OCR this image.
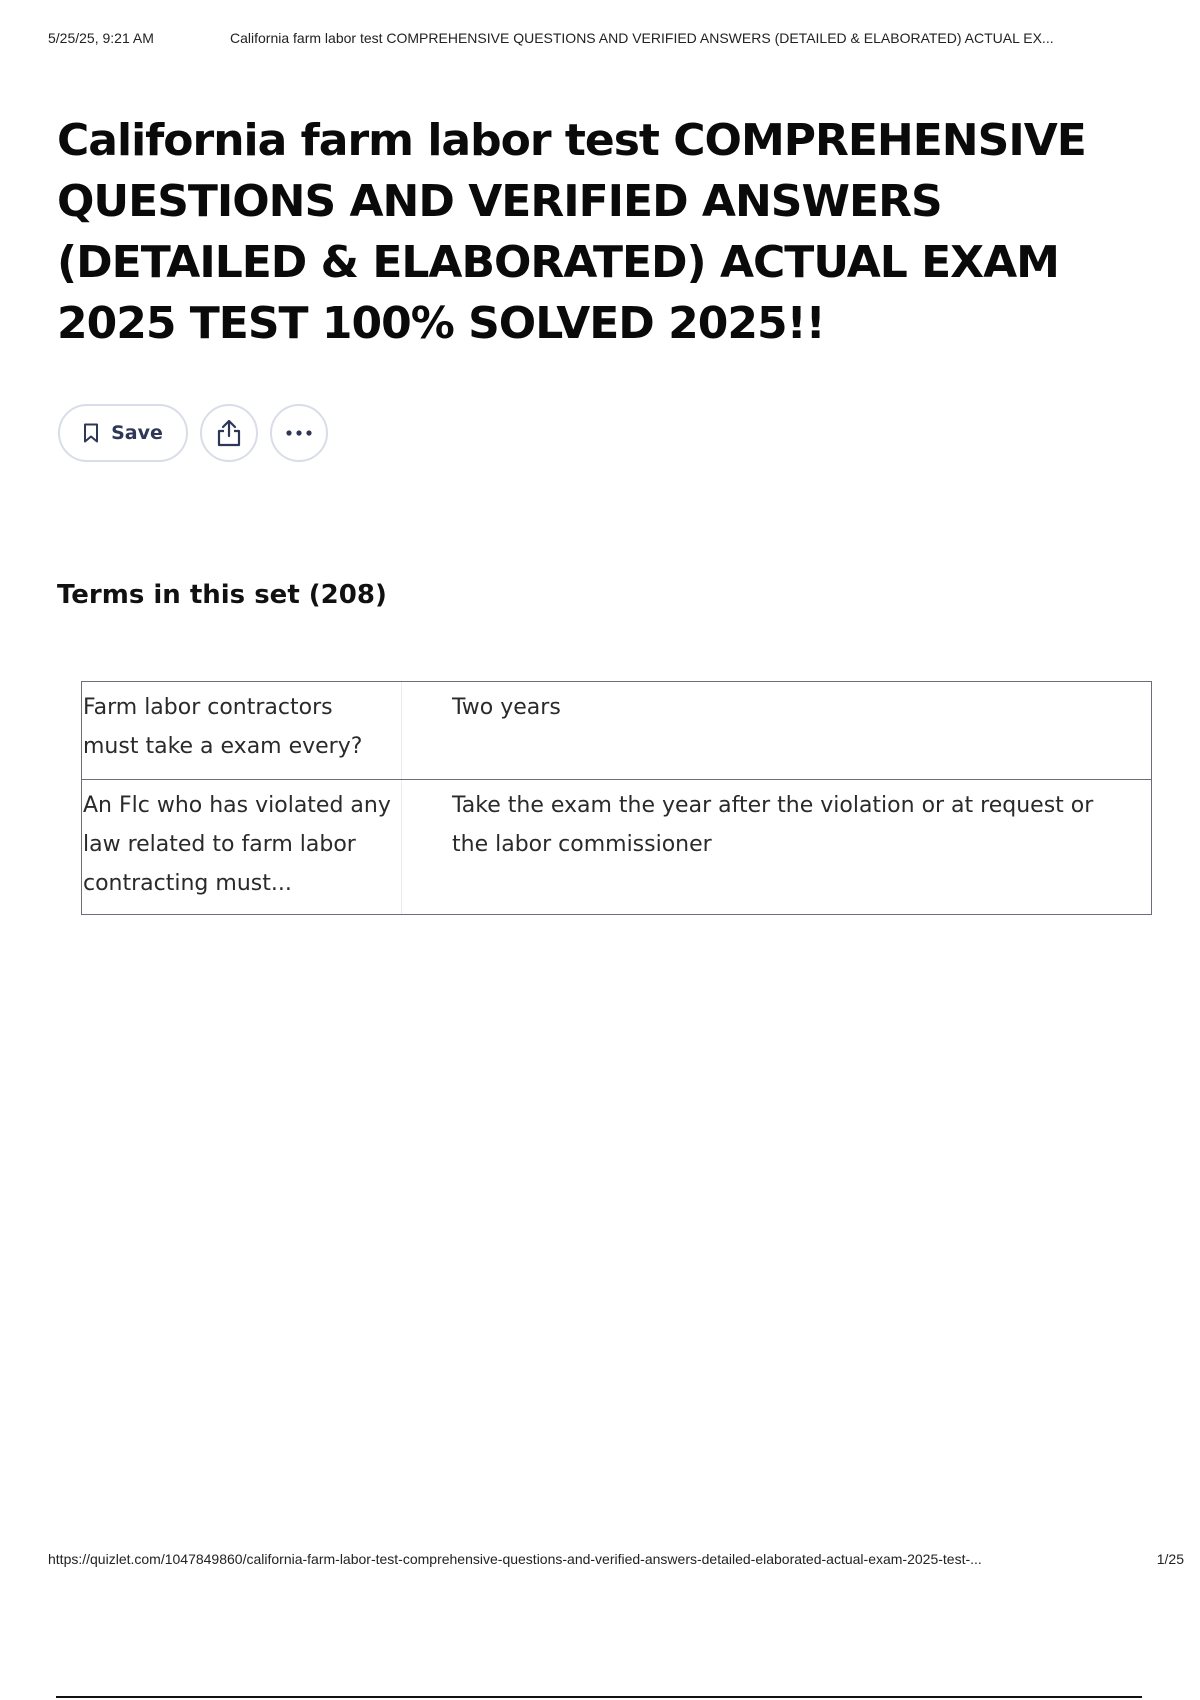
5/25/25, 9:21 AM	California farm labor test COMPREHENSIVE QUESTIONS AND VERIFIED ANSWERS (DETAILED & ELABORATED) ACTUAL EX...
California farm labor test COMPREHENSIVE QUESTIONS AND VERIFIED ANSWERS (DETAILED & ELABORATED) ACTUAL EXAM 2025 TEST 100% SOLVED 2025!!
Save
Terms in this set (208)
Farm labor contractors must take a exam every?
Two years
An Flc who has violated any law related to farm labor contracting must...
Take the exam the year after the violation or at request or the labor commissioner
https://quizlet.com/1047849860/california-farm-labor-test-comprehensive-questions-and-verified-answers-detailed-elaborated-actual-exam-2025-test-...	1/25
